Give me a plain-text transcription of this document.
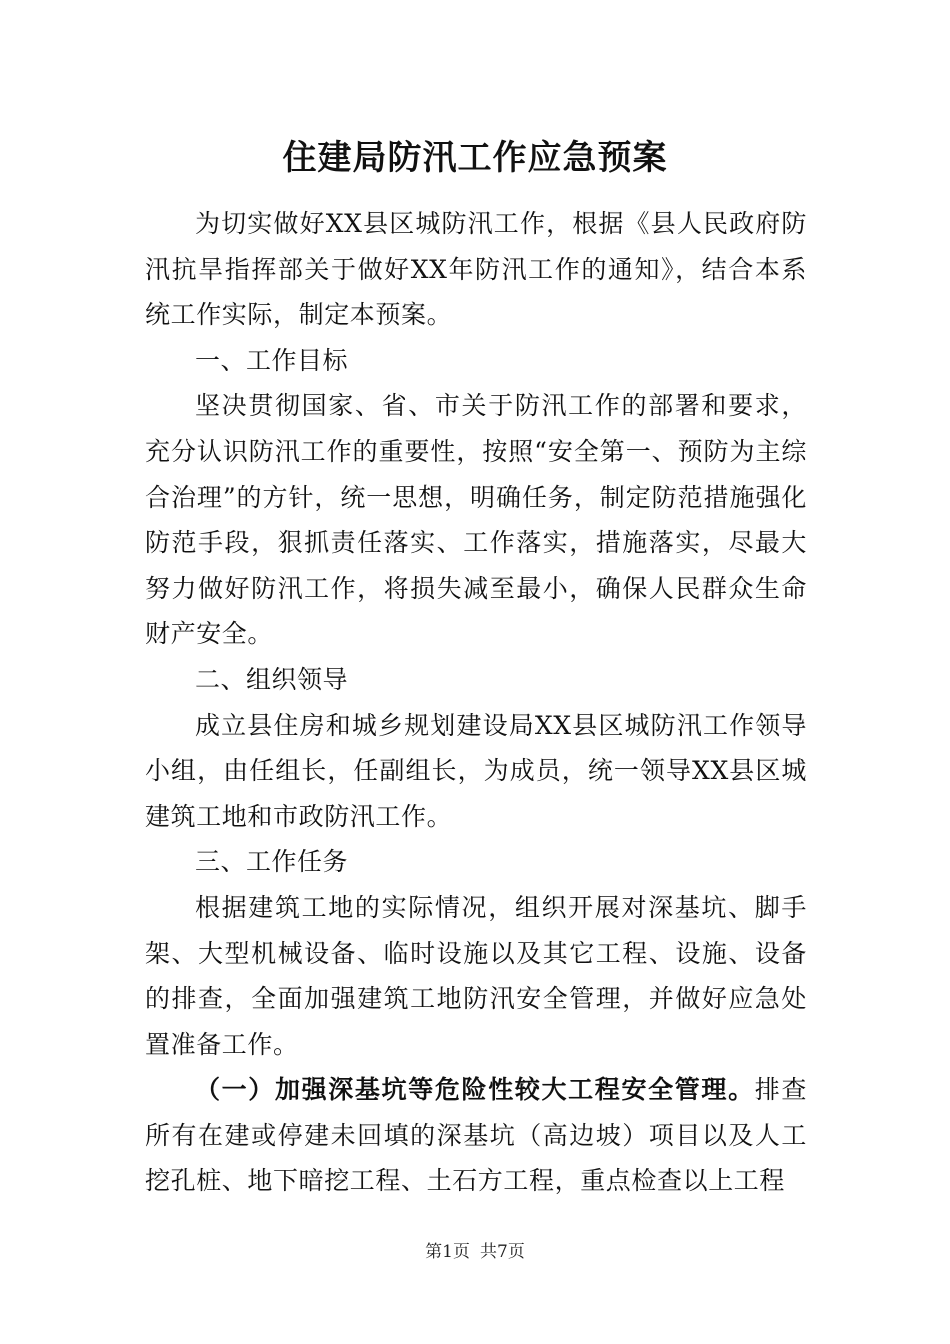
住建局防汛工作应急预案

为切实做好XX县区城防汛工作，根据《县人民政府防汛抗旱指挥部关于做好XX年防汛工作的通知》，结合本系统工作实际，制定本预案。

一、工作目标

坚决贯彻国家、省、市关于防汛工作的部署和要求，充分认识防汛工作的重要性，按照“安全第一、预防为主综合治理”的方针，统一思想，明确任务，制定防范措施强化防范手段，狠抓责任落实、工作落实，措施落实，尽最大努力做好防汛工作，将损失减至最小，确保人民群众生命财产安全。

二、组织领导

成立县住房和城乡规划建设局XX县区城防汛工作领导小组，由任组长，任副组长，为成员，统一领导XX县区城建筑工地和市政防汛工作。

三、工作任务

根据建筑工地的实际情况，组织开展对深基坑、脚手架、大型机械设备、临时设施以及其它工程、设施、设备的排查，全面加强建筑工地防汛安全管理，并做好应急处置准备工作。

（一）加强深基坑等危险性较大工程安全管理。排查所有在建或停建未回填的深基坑（高边坡）项目以及人工挖孔桩、地下暗挖工程、土石方工程，重点检查以上工程

第1页 共7页
